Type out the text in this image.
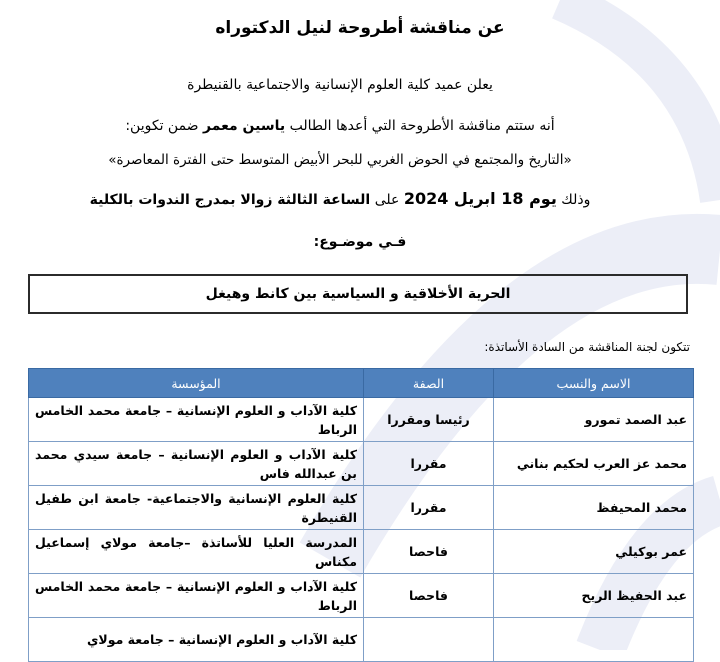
عن مناقشة أطروحة لنيل الدكتوراه
يعلن عميد كلية العلوم الإنسانية والاجتماعية بالقنيطرة
أنه ستتم مناقشة الأطروحة التي أعدها الطالب ياسين معمر ضمن تكوين:
«التاريخ والمجتمع في الحوض الغربي للبحر الأبيض المتوسط حتى الفترة المعاصرة»
وذلك يوم 18 ابريل 2024 على الساعة الثالثة زوالا بمدرج الندوات بالكلية
فـي موضـوع:
الحرية الأخلاقية و السياسية بين كانط وهيغل
تتكون لجنة المناقشة من السادة الأساتذة:
الاسم والنسب	الصفة	المؤسسة
عبد الصمد تمورو	رئيسا ومقررا	كلية الآداب و العلوم الإنسانية – جامعة محمد الخامس الرباط
محمد عز العرب لحكيم بناني	مقررا	كلية الآداب و العلوم الإنسانية – جامعة سيدي محمد بن عبدالله فاس
محمد المحيفظ	مقررا	كلية العلوم الإنسانية والاجتماعية- جامعة ابن طفيل القنيطرة
عمر بوكيلي	فاحصا	المدرسة العليا للأساتذة –جامعة مولاي إسماعيل مكناس
عبد الحفيظ الريح	فاحصا	كلية الآداب و العلوم الإنسانية – جامعة محمد الخامس الرباط
		كلية الآداب و العلوم الإنسانية – جامعة مولاي
